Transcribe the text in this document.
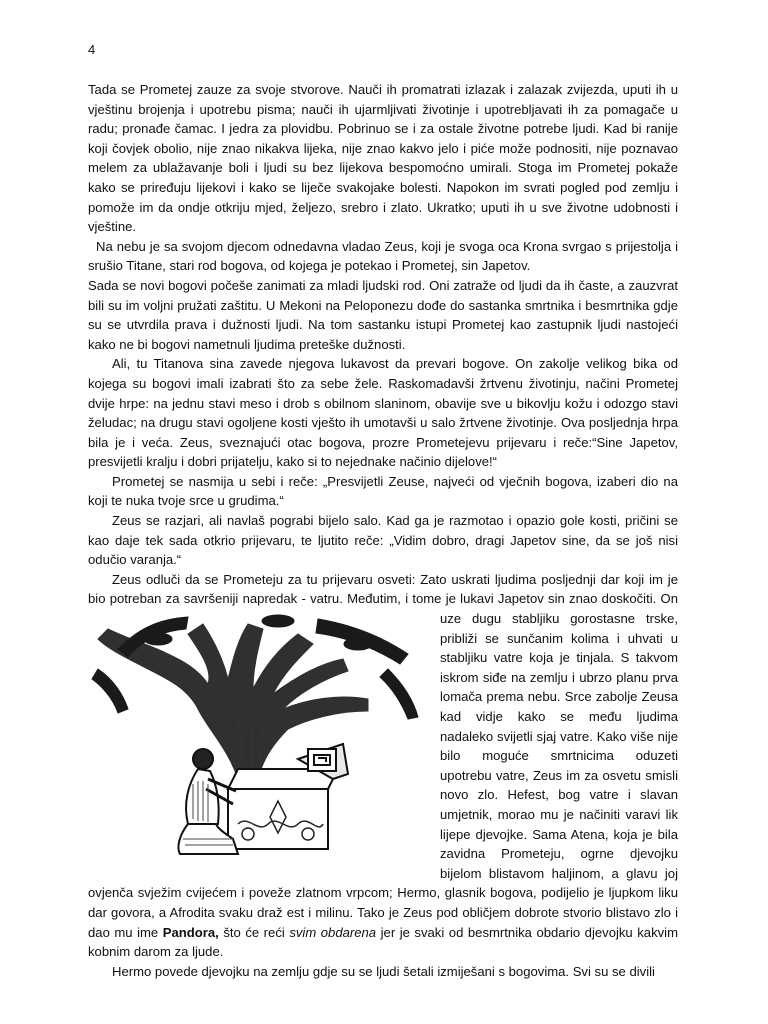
4

Tada se Prometej zauze za svoje stvorove. Nauči ih promatrati izlazak i zalazak zvijezda, uputi ih u vještinu brojenja i upotrebu pisma; nauči ih ujarmljivati životinje i upotrebljavati ih za pomagače u radu; pronađe čamac. I jedra za plovidbu. Pobrinuo se i za ostale životne potrebe ljudi. Kad bi ranije koji čovjek obolio, nije znao nikakva lijeka, nije znao kakvo jelo i piće može podnositi, nije poznavao melem za ublažavanje boli i ljudi su bez lijekova bespomoćno umirali. Stoga im Prometej pokaže kako se priređuju lijekovi i kako se liječe svakojake bolesti. Napokon im svrati pogled pod zemlju i pomože im da ondje otkriju mjed, željezo, srebro i zlato. Ukratko; uputi ih u sve životne udobnosti i vještine.

Na nebu je sa svojom djecom odnedavna vladao Zeus, koji je svoga oca Krona svrgao s prijestolja i srušio Titane, stari rod bogova, od kojega je potekao i Prometej, sin Japetov.

Sada se novi bogovi počeše zanimati za mladi ljudski rod. Oni zatraže od ljudi da ih časte, a zauzvrat bili su im voljni pružati zaštitu. U Mekoni na Peloponezu dođe do sastanka smrtnika i besmrtnika gdje su se utvrdila prava i dužnosti ljudi. Na tom sastanku istupi Prometej kao zastupnik ljudi nastojeći kako ne bi bogovi nametnuli ljudima preteške dužnosti.

Ali, tu Titanova sina zavede njegova lukavost da prevari bogove. On zakolje velikog bika od kojega su bogovi imali izabrati što za sebe žele. Raskomadavši žrtvenu životinju, načini Prometej dvije hrpe: na jednu stavi meso i drob s obilnom slaninom, obavije sve u bikovlju kožu i odozgo stavi želudac; na drugu stavi ogoljene kosti vješto ih umotavši u salo žrtvene životinje. Ova posljednja hrpa bila je i veća. Zeus, sveznajući otac bogova, prozre Prometejevu prijevaru i reče:“Sine Japetov, presvijetli kralju i dobri prijatelju, kako si to nejednake načinio dijelove!“

Prometej se nasmija u sebi i reče: „Presvijetli Zeuse, najveći od vječnih bogova, izaberi dio na koji te nuka tvoje srce u grudima.“

Zeus se razjari, ali navlaš pograbi bijelo salo. Kad ga je razmotao i opazio gole kosti, pričini se kao daje tek sada otkrio prijevaru, te ljutito reče: „Vidim dobro, dragi Japetov sine, da se još nisi odučio varanja.“

Zeus odluči da se Prometeju za tu prijevaru osveti: Zato uskrati ljudima posljednji dar koji im je bio potreban za savršeniji napredak - vatru. Međutim, i tome je lukavi Japetov sin znao doskočiti. On
uze dugu stabljiku gorostasne trske, približi se sunčanim kolima i uhvati u stabljiku vatre koja je tinjala. S takvom iskrom siđe na zemlju i ubrzo planu prva lomača prema nebu. Srce zabolje Zeusa kad vidje kako se među ljudima nadaleko svijetli sjaj vatre. Kako više nije bilo moguće smrtnicima oduzeti upotrebu vatre, Zeus im za osvetu smisli novo zlo. Hefest, bog vatre i slavan umjetnik, morao mu je načiniti varavi lik lijepe djevojke. Sama Atena, koja je bila zavidna Prometeju, ogrne djevojku bijelom blistavom haljinom, a glavu joj ovjenča svježim cvijećem i poveže zlatnom vrpcom; Hermo, glasnik bogova, podijelio je ljupkom liku dar govora, a Afrodita svaku draž est i milinu. Tako je Zeus pod obličjem dobrote stvorio blistavo zlo i dao mu ime Pandora, što će reći svim obdarena jer je svaki od besmrtnika obdario djevojku kakvim kobnim darom za ljude.

Hermo povede djevojku na zemlju gdje su se ljudi šetali izmiješani s bogovima. Svi su se divili
